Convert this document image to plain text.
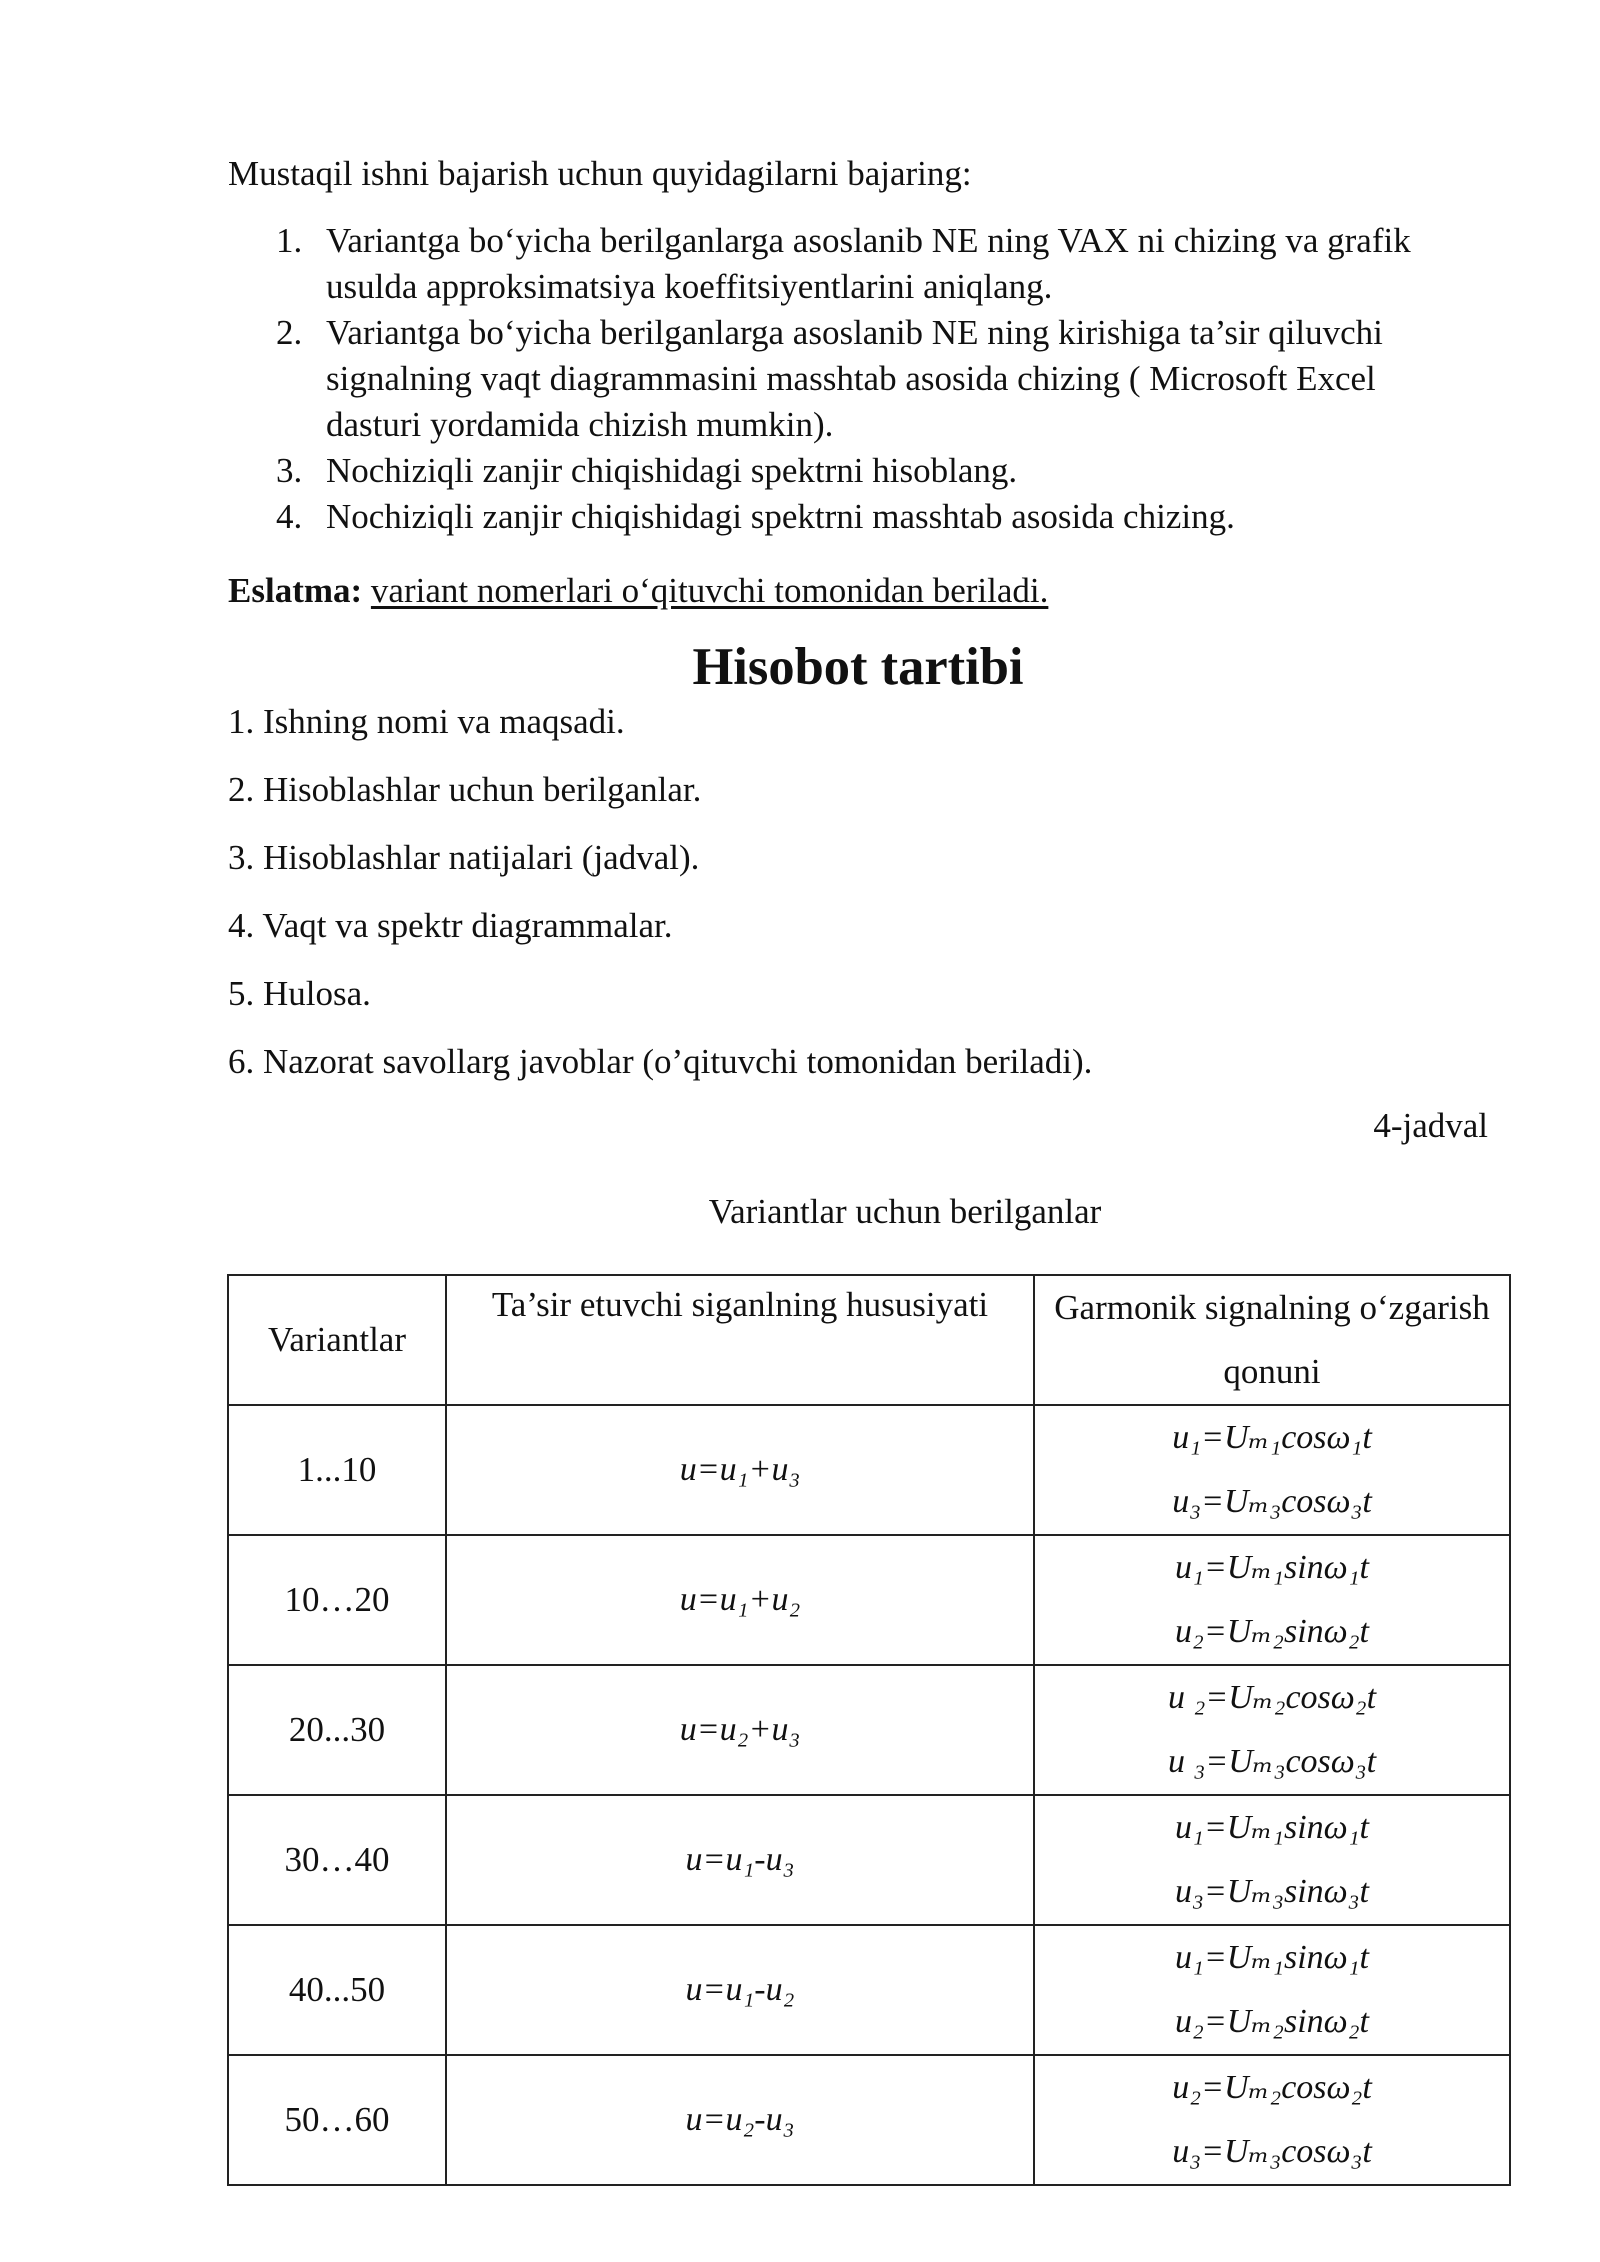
Mustaqil ishni bajarish uchun quyidagilarni bajaring:

1. Variantga bo‘yicha berilganlarga asoslanib NE ning VAX ni chizing va grafik usulda approksimatsiya koeffitsiyentlarini aniqlang.
2. Variantga bo‘yicha berilganlarga asoslanib NE ning kirishiga ta’sir qiluvchi signalning vaqt diagrammasini masshtab asosida chizing ( Microsoft Excel dasturi yordamida chizish mumkin).
3. Nochiziqli zanjir chiqishidagi spektrni hisoblang.
4. Nochiziqli zanjir chiqishidagi spektrni masshtab asosida chizing.

Eslatma: variant nomerlari o‘qituvchi tomonidan beriladi.

Hisobot tartibi
1. Ishning nomi va maqsadi.
2. Hisoblashlar uchun berilganlar.
3. Hisoblashlar natijalari (jadval).
4. Vaqt va spektr diagrammalar.
5. Hulosa.
6. Nazorat savollarg javoblar (o’qituvchi tomonidan beriladi).

4-jadval

Variantlar uchun berilganlar

Variantlar	Ta’sir etuvchi siganlning hususiyati	Garmonik signalning o‘zgarish
qonuni
1...10	u=u₁+u₃	u₁=Uₘ₁cosω₁t
u₃=Uₘ₃cosω₃t

10…20	u=u₁+u₂	u₁=Uₘ₁sinω₁t
u₂=Uₘ₂sinω₂t

20...30	u=u₂+u₃	u ₂=Uₘ₂cosω₂t
u ₃=Uₘ₃cosω₃t

30…40	u=u₁-u₃	u₁=Uₘ₁sinω₁t
u₃=Uₘ₃sinω₃t

40...50	u=u₁-u₂	u₁=Uₘ₁sinω₁t
u₂=Uₘ₂sinω₂t

50…60	u=u₂-u₃	u₂=Uₘ₂cosω₂t
u₃=Uₘ₃cosω₃t
